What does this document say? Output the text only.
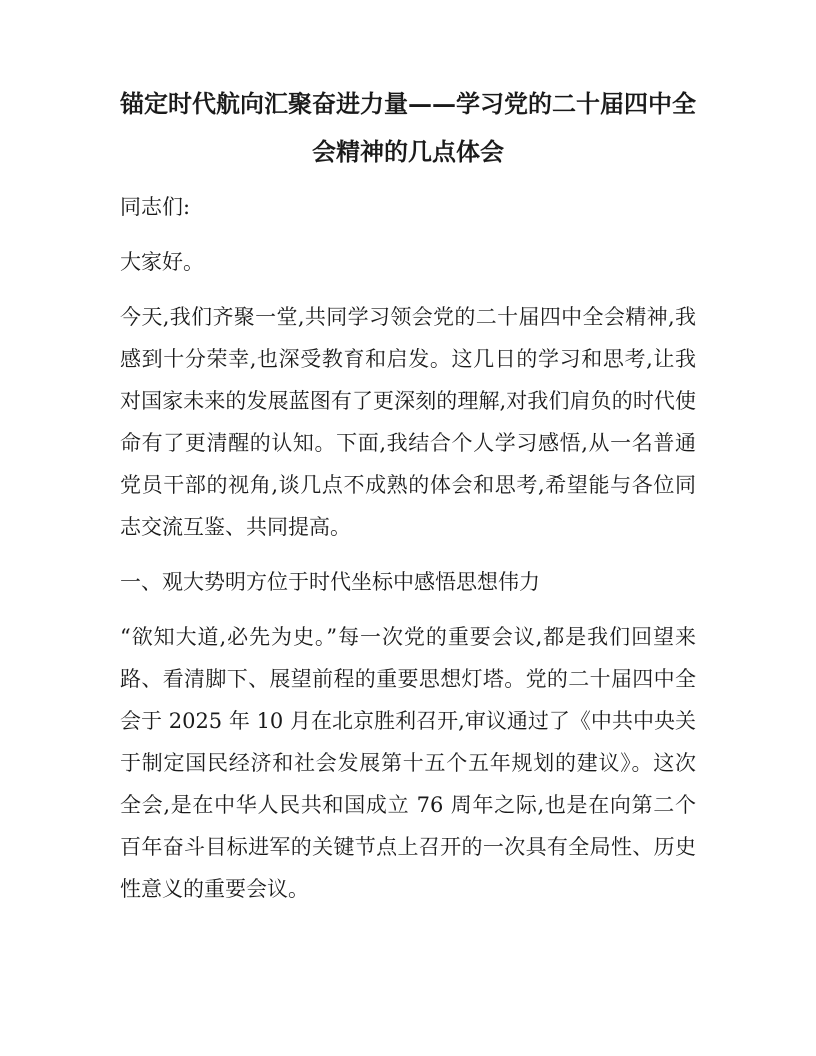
锚定时代航向汇聚奋进力量——学习党的二十届四中全会精神的几点体会

同志们:

大家好。

今天,我们齐聚一堂,共同学习领会党的二十届四中全会精神,我感到十分荣幸,也深受教育和启发。这几日的学习和思考,让我对国家未来的发展蓝图有了更深刻的理解,对我们肩负的时代使命有了更清醒的认知。下面,我结合个人学习感悟,从一名普通党员干部的视角,谈几点不成熟的体会和思考,希望能与各位同志交流互鉴、共同提高。

一、观大势明方位于时代坐标中感悟思想伟力

“欲知大道,必先为史。”每一次党的重要会议,都是我们回望来路、看清脚下、展望前程的重要思想灯塔。党的二十届四中全会于 2025 年 10 月在北京胜利召开,审议通过了《中共中央关于制定国民经济和社会发展第十五个五年规划的建议》。这次全会,是在中华人民共和国成立 76 周年之际,也是在向第二个百年奋斗目标进军的关键节点上召开的一次具有全局性、历史性意义的重要会议。
